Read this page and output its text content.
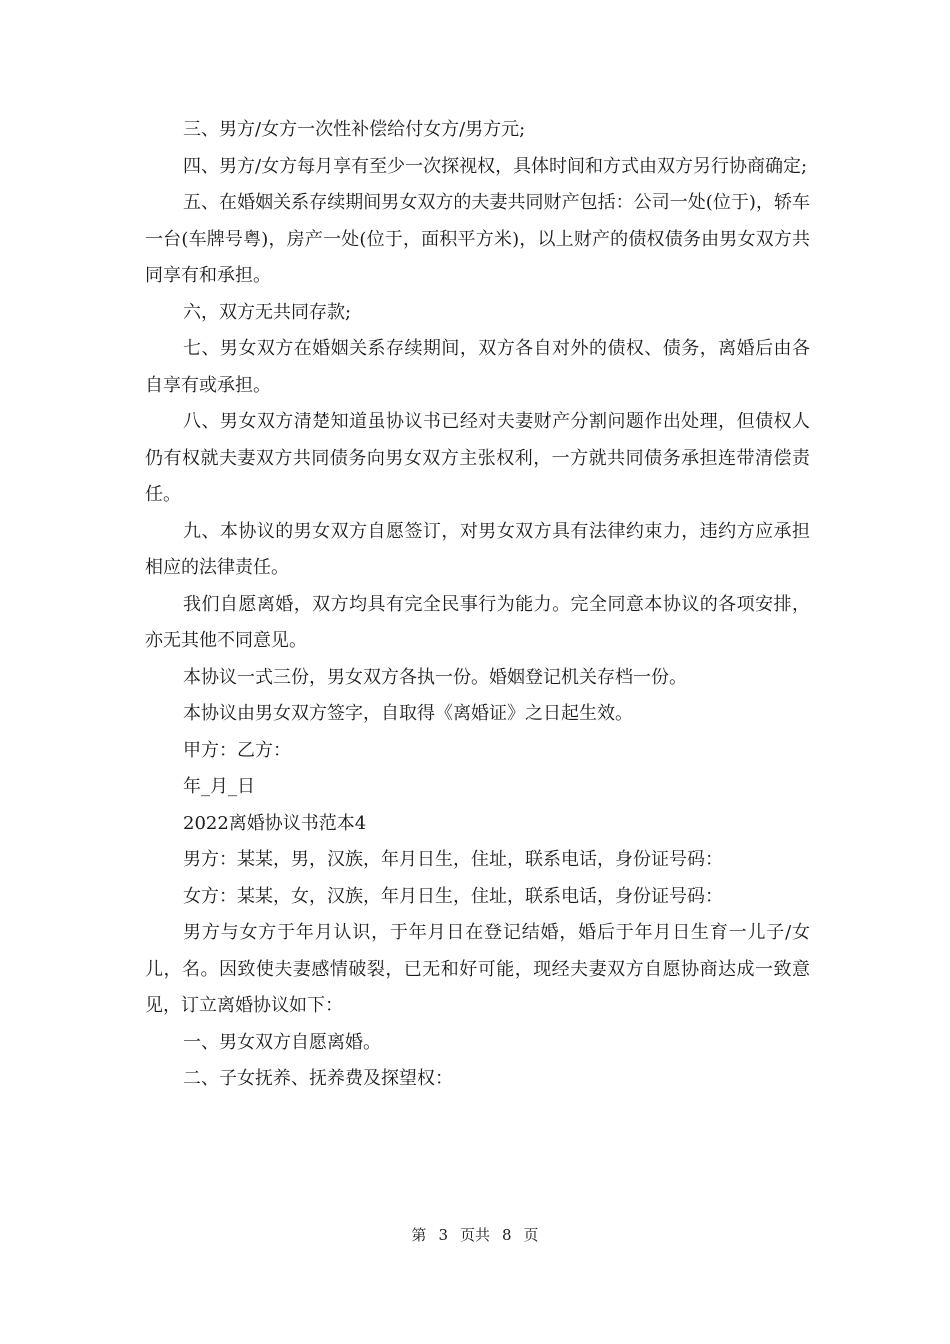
三、男方/女方一次性补偿给付女方/男方元;

四、男方/女方每月享有至少一次探视权，具体时间和方式由双方另行协商确定;

五、在婚姻关系存续期间男女双方的夫妻共同财产包括：公司一处(位于)，轿车一台(车牌号粤)，房产一处(位于，面积平方米)，以上财产的债权债务由男女双方共同享有和承担。

六，双方无共同存款;

七、男女双方在婚姻关系存续期间，双方各自对外的债权、债务，离婚后由各自享有或承担。

八、男女双方清楚知道虽协议书已经对夫妻财产分割问题作出处理，但债权人仍有权就夫妻双方共同债务向男女双方主张权利，一方就共同债务承担连带清偿责任。

九、本协议的男女双方自愿签订，对男女双方具有法律约束力，违约方应承担相应的法律责任。

我们自愿离婚，双方均具有完全民事行为能力。完全同意本协议的各项安排，亦无其他不同意见。

本协议一式三份，男女双方各执一份。婚姻登记机关存档一份。

本协议由男女双方签字，自取得《离婚证》之日起生效。

甲方：乙方：

年_月_日

2022离婚协议书范本4

男方：某某，男，汉族，年月日生，住址，联系电话，身份证号码：

女方：某某，女，汉族，年月日生，住址，联系电话，身份证号码：

男方与女方于年月认识，于年月日在登记结婚，婚后于年月日生育一儿子/女儿，名。因致使夫妻感情破裂，已无和好可能，现经夫妻双方自愿协商达成一致意见，订立离婚协议如下：

一、男女双方自愿离婚。

二、子女抚养、抚养费及探望权：

第 3 页共 8 页
